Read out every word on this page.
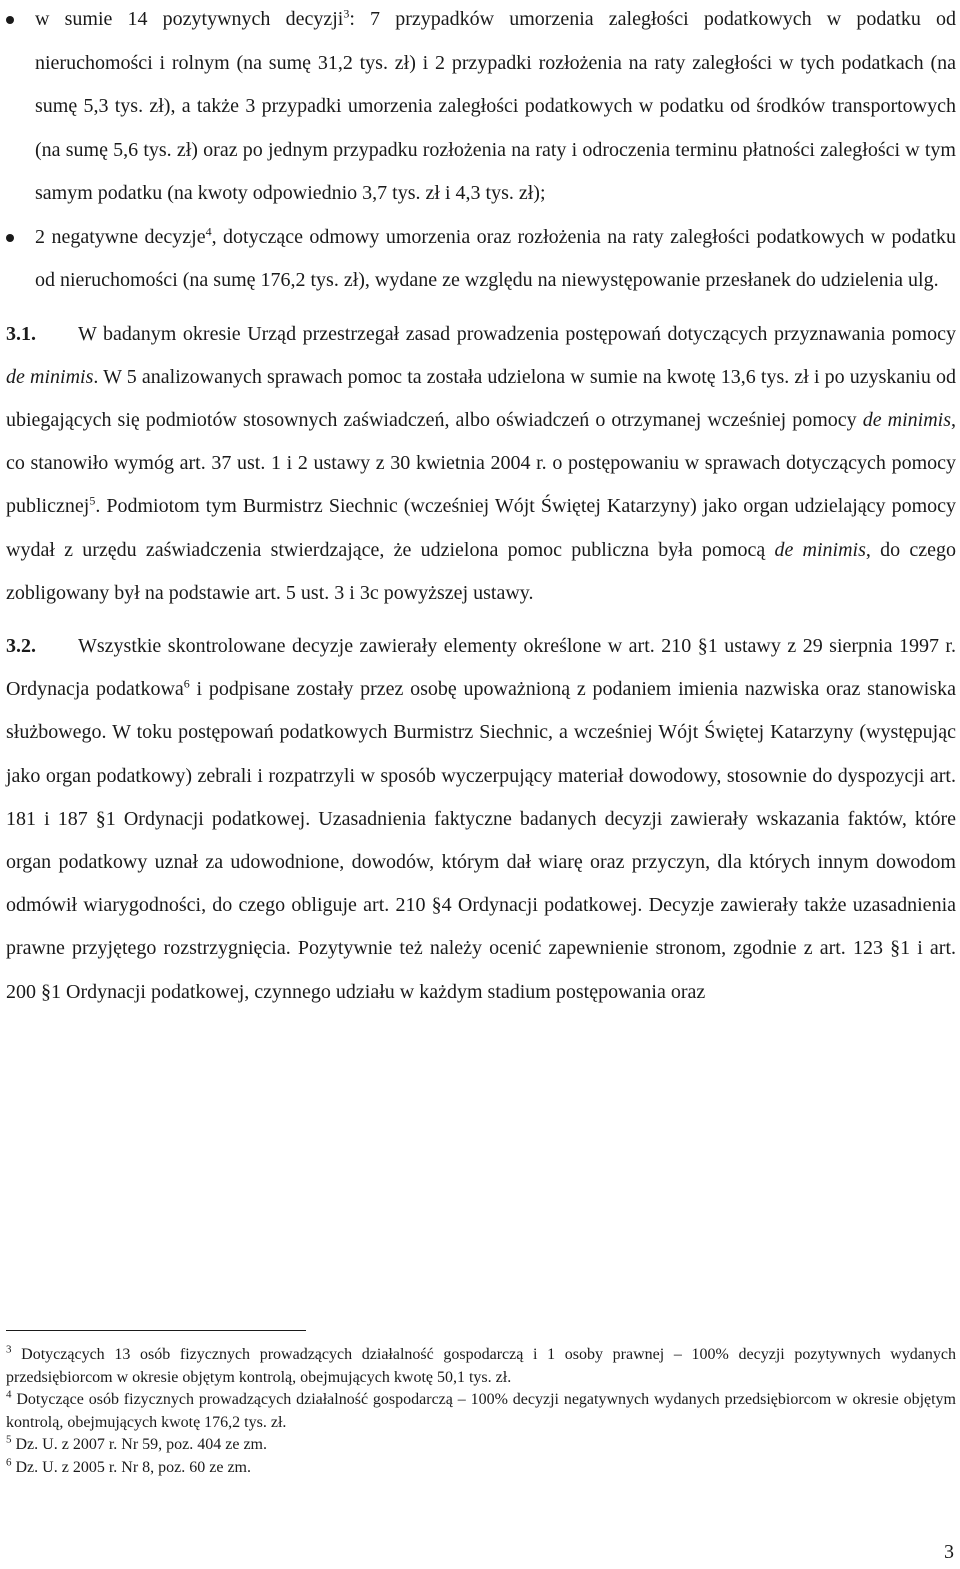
w sumie 14 pozytywnych decyzji$^3$: 7 przypadków umorzenia zaległości podatkowych w podatku od nieruchomości i rolnym (na sumę 31,2 tys. zł) i 2 przypadki rozłożenia na raty zaległości w tych podatkach (na sumę 5,3 tys. zł), a także 3 przypadki umorzenia zaległości podatkowych w podatku od środków transportowych (na sumę 5,6 tys. zł) oraz po jednym przypadku rozłożenia na raty i odroczenia terminu płatności zaległości w tym samym podatku (na kwoty odpowiednio 3,7 tys. zł i 4,3 tys. zł);
2 negatywne decyzje$^4$, dotyczące odmowy umorzenia oraz rozłożenia na raty zaległości podatkowych w podatku od nieruchomości (na sumę 176,2 tys. zł), wydane ze względu na niewystępowanie przesłanek do udzielenia ulg.

3.1. W badanym okresie Urząd przestrzegał zasad prowadzenia postępowań dotyczących przyznawania pomocy de minimis. W 5 analizowanych sprawach pomoc ta została udzielona w sumie na kwotę 13,6 tys. zł i po uzyskaniu od ubiegających się podmiotów stosownych zaświadczeń, albo oświadczeń o otrzymanej wcześniej pomocy de minimis, co stanowiło wymóg art. 37 ust. 1 i 2 ustawy z 30 kwietnia 2004 r. o postępowaniu w sprawach dotyczących pomocy publicznej$^5$. Podmiotom tym Burmistrz Siechnic (wcześniej Wójt Świętej Katarzyny) jako organ udzielający pomocy wydał z urzędu zaświadczenia stwierdzające, że udzielona pomoc publiczna była pomocą de minimis, do czego zobligowany był na podstawie art. 5 ust. 3 i 3c powyższej ustawy.

3.2. Wszystkie skontrolowane decyzje zawierały elementy określone w art. 210 §1 ustawy z 29 sierpnia 1997 r. Ordynacja podatkowa$^6$ i podpisane zostały przez osobę upoważnioną z podaniem imienia nazwiska oraz stanowiska służbowego. W toku postępowań podatkowych Burmistrz Siechnic, a wcześniej Wójt Świętej Katarzyny (występując jako organ podatkowy) zebrali i rozpatrzyli w sposób wyczerpujący materiał dowodowy, stosownie do dyspozycji art. 181 i 187 §1 Ordynacji podatkowej. Uzasadnienia faktyczne badanych decyzji zawierały wskazania faktów, które organ podatkowy uznał za udowodnione, dowodów, którym dał wiarę oraz przyczyn, dla których innym dowodom odmówił wiarygodności, do czego obliguje art. 210 §4 Ordynacji podatkowej. Decyzje zawierały także uzasadnienia prawne przyjętego rozstrzygnięcia. Pozytywnie też należy ocenić zapewnienie stronom, zgodnie z art. 123 §1 i art. 200 §1 Ordynacji podatkowej, czynnego udziału w każdym stadium postępowania oraz

$^3$ Dotyczących 13 osób fizycznych prowadzących działalność gospodarczą i 1 osoby prawnej – 100% decyzji pozytywnych wydanych przedsiębiorcom w okresie objętym kontrolą, obejmujących kwotę 50,1 tys. zł.

$^4$ Dotyczące osób fizycznych prowadzących działalność gospodarczą – 100% decyzji negatywnych wydanych przedsiębiorcom w okresie objętym kontrolą, obejmujących kwotę 176,2 tys. zł.

$^5$ Dz. U. z 2007 r. Nr 59, poz. 404 ze zm.

$^6$ Dz. U. z 2005 r. Nr 8, poz. 60 ze zm.

3
